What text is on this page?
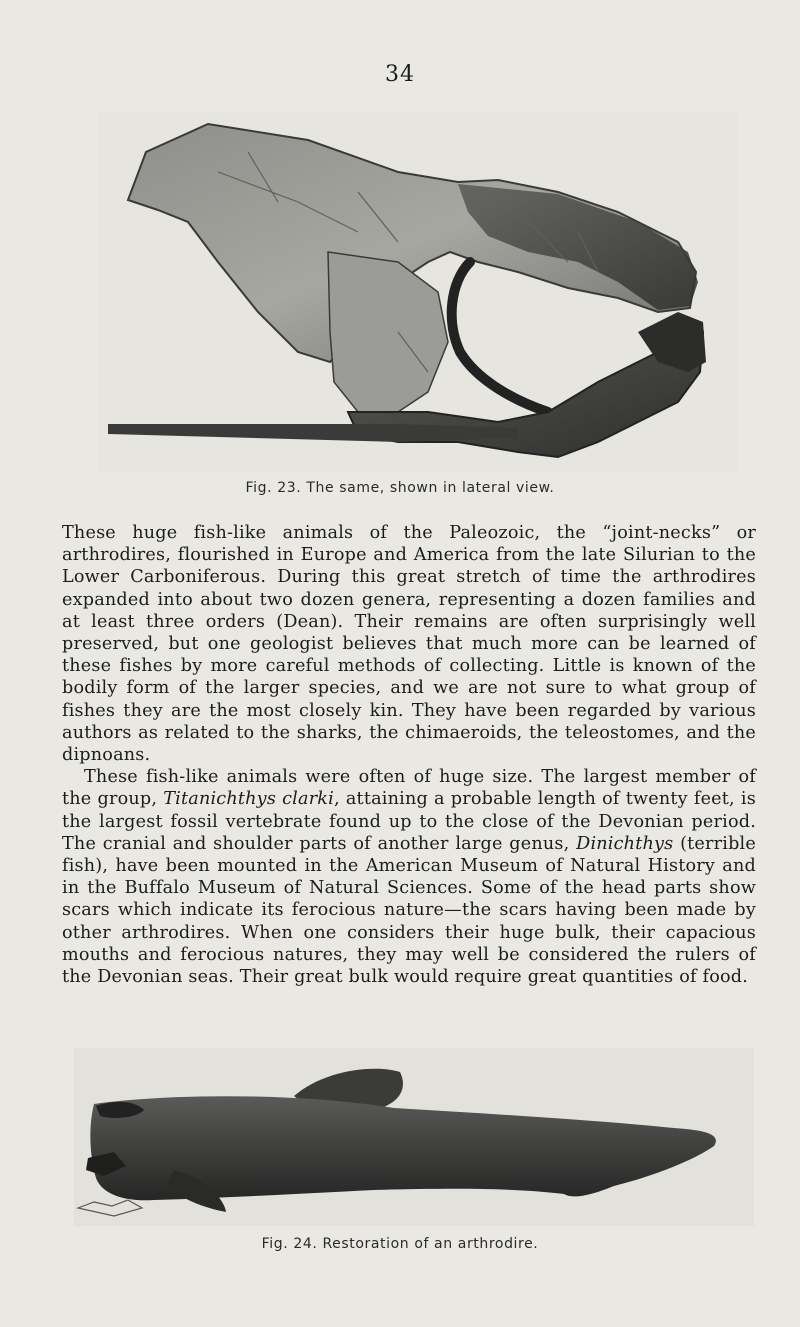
34
Fig. 23. The same, shown in lateral view.

These huge fish-like animals of the Paleozoic, the “joint-necks” or arthrodires, flourished in Europe and America from the late Silurian to the Lower Carboniferous. During this great stretch of time the arthrodires expanded into about two dozen genera, representing a dozen families and at least three orders (Dean). Their remains are often surprisingly well preserved, but one geologist believes that much more can be learned of these fishes by more careful methods of collecting. Little is known of the bodily form of the larger species, and we are not sure to what group of fishes they are the most closely kin. They have been regarded by various authors as related to the sharks, the chimaeroids, the teleostomes, and the dipnoans.

These fish-like animals were often of huge size. The largest member of the group, Titanichthys clarki, attaining a probable length of twenty feet, is the largest fossil vertebrate found up to the close of the Devonian period. The cranial and shoulder parts of another large genus, Dinichthys (terrible fish), have been mounted in the American Museum of Natural History and in the Buffalo Museum of Natural Sciences. Some of the head parts show scars which indicate its ferocious nature—the scars having been made by other arthrodires. When one considers their huge bulk, their capacious mouths and ferocious natures, they may well be considered the rulers of the Devonian seas. Their great bulk would require great quantities of food.

Fig. 24. Restoration of an arthrodire.
